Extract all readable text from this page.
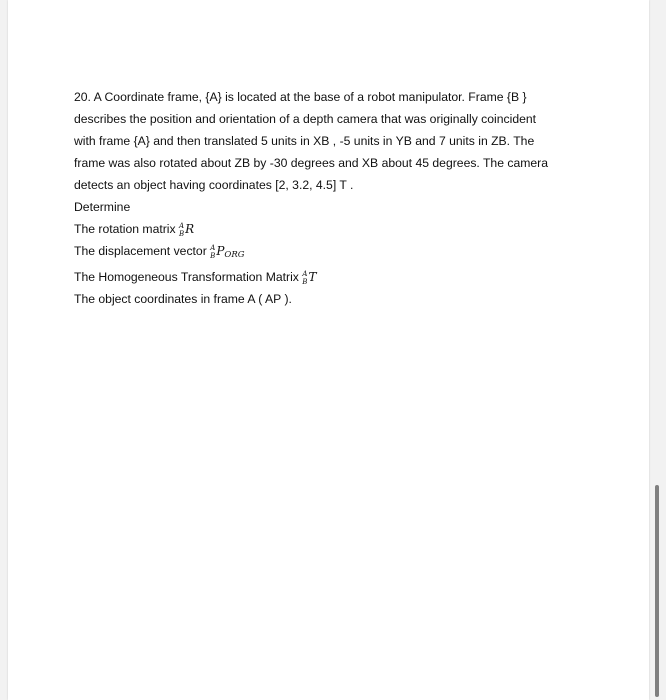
20. A Coordinate frame, {A} is located at the base of a robot manipulator. Frame {B }
describes the position and orientation of a depth camera that was originally coincident
with frame {A} and then translated 5 units in XB , -5 units in YB and 7 units in ZB. The
frame was also rotated about ZB by -30 degrees and XB about 45 degrees. The camera
detects an object having coordinates [2, 3.2, 4.5] T .
Determine
The rotation matrix A
B R
The displacement vector A
B $P_{ORG}$
The Homogeneous Transformation Matrix A
B T
The object coordinates in frame A ( AP ).
